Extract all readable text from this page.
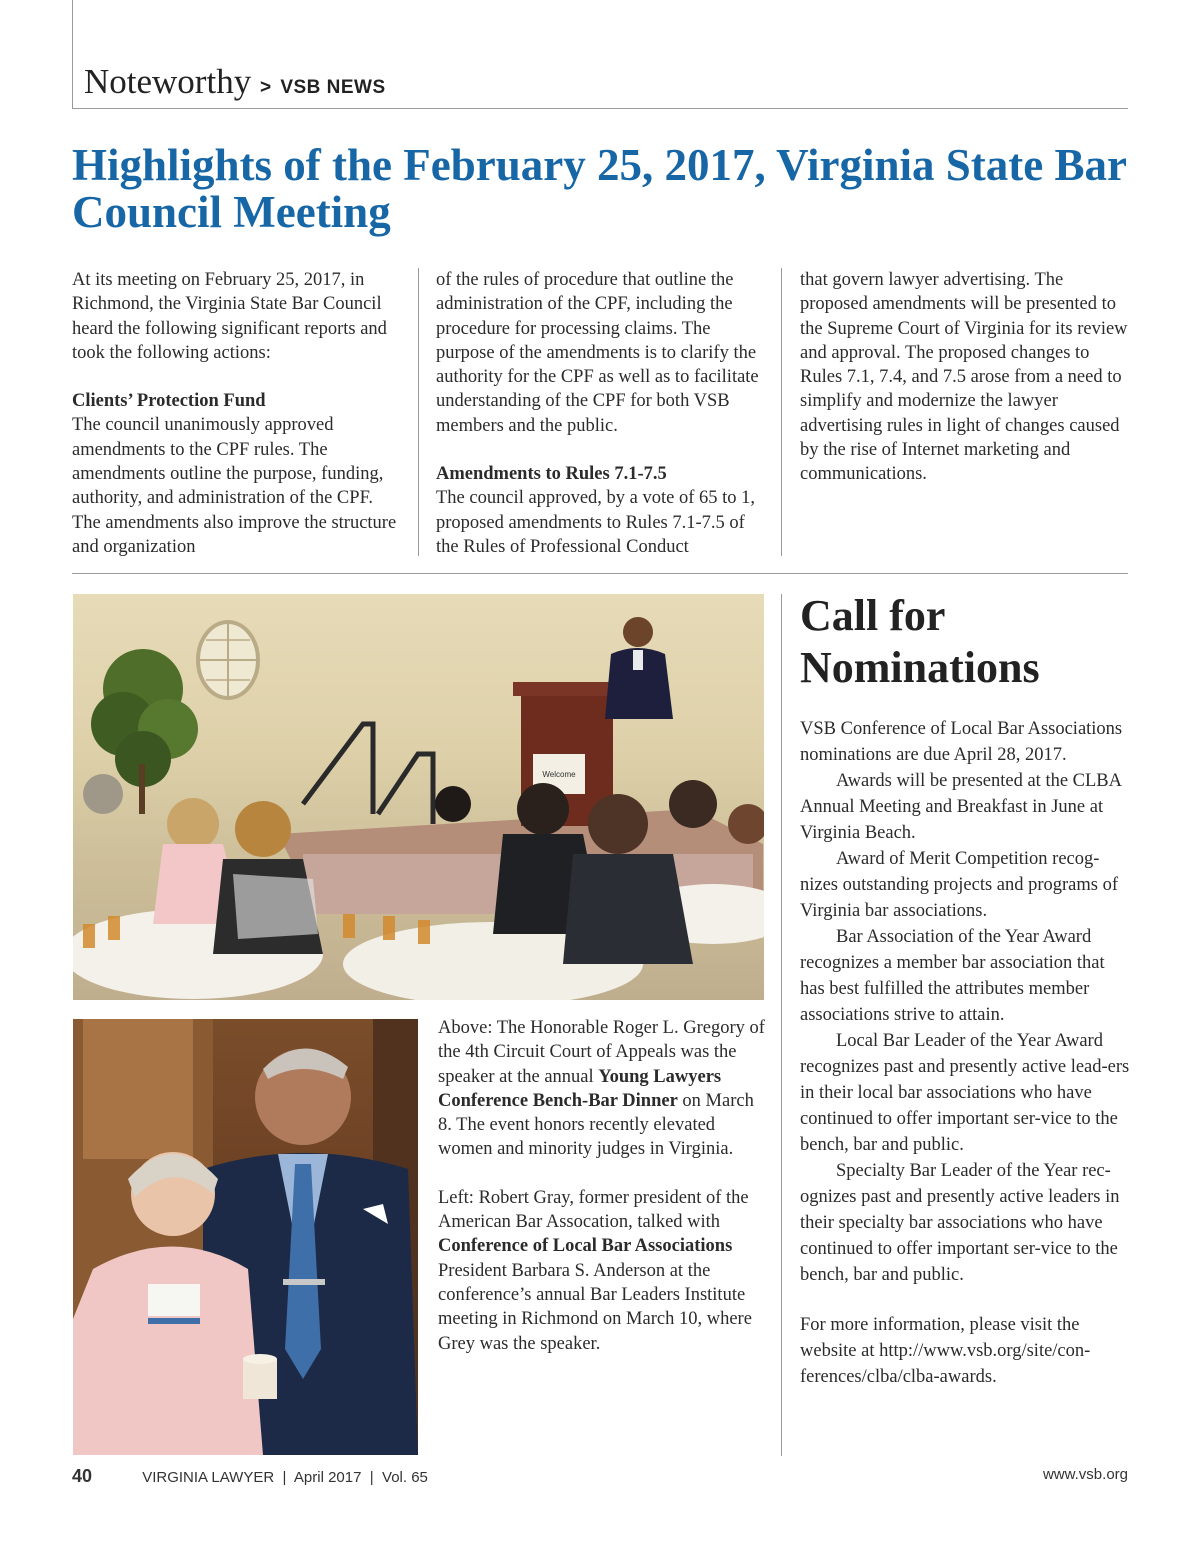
Noteworthy > VSB NEWS
Highlights of the February 25, 2017, Virginia State Bar Council Meeting

At its meeting on February 25, 2017, in Richmond, the Virginia State Bar Council heard the following significant reports and took the following actions:

Clients’ Protection Fund

The council unanimously approved amendments to the CPF rules. The amendments outline the purpose, funding, authority, and administration of the CPF. The amendments also improve the structure and organization

of the rules of procedure that outline the administration of the CPF, including the procedure for processing claims. The purpose of the amendments is to clarify the authority for the CPF as well as to facilitate understanding of the CPF for both VSB members and the public.

Amendments to Rules 7.1-7.5

The council approved, by a vote of 65 to 1, proposed amendments to Rules 7.1-7.5 of the Rules of Professional Conduct

that govern lawyer advertising. The proposed amendments will be presented to the Supreme Court of Virginia for its review and approval. The proposed changes to Rules 7.1, 7.4, and 7.5 arose from a need to simplify and modernize the lawyer advertising rules in light of changes caused by the rise of Internet marketing and communications.

Welcome

Above: The Honorable Roger L. Gregory of the 4th Circuit Court of Appeals was the speaker at the annual Young Lawyers Conference Bench-Bar Dinner on March 8. The event honors recently elevated women and minority judges in Virginia.

Left: Robert Gray, former president of the American Bar Assocation, talked with Conference of Local Bar Associations President Barbara S. Anderson at the conference’s annual Bar Leaders Institute meeting in Richmond on March 10, where Grey was the speaker.

Call for Nominations

VSB Conference of Local Bar Associations nominations are due April 28, 2017.

Awards will be presented at the CLBA Annual Meeting and Breakfast in June at Virginia Beach.

Award of Merit Competition recog-nizes outstanding projects and programs of Virginia bar associations.

Bar Association of the Year Award recognizes a member bar association that has best fulfilled the attributes member associations strive to attain.

Local Bar Leader of the Year Award recognizes past and presently active lead-ers in their local bar associations who have continued to offer important ser-vice to the bench, bar and public.

Specialty Bar Leader of the Year rec-ognizes past and presently active leaders in their specialty bar associations who have continued to offer important ser-vice to the bench, bar and public.

For more information, please visit the website at http://www.vsb.org/site/con-ferences/clba/clba-awards.

40	VIRGINIA LAWYER  |  April 2017  |  Vol. 65	www.vsb.org
